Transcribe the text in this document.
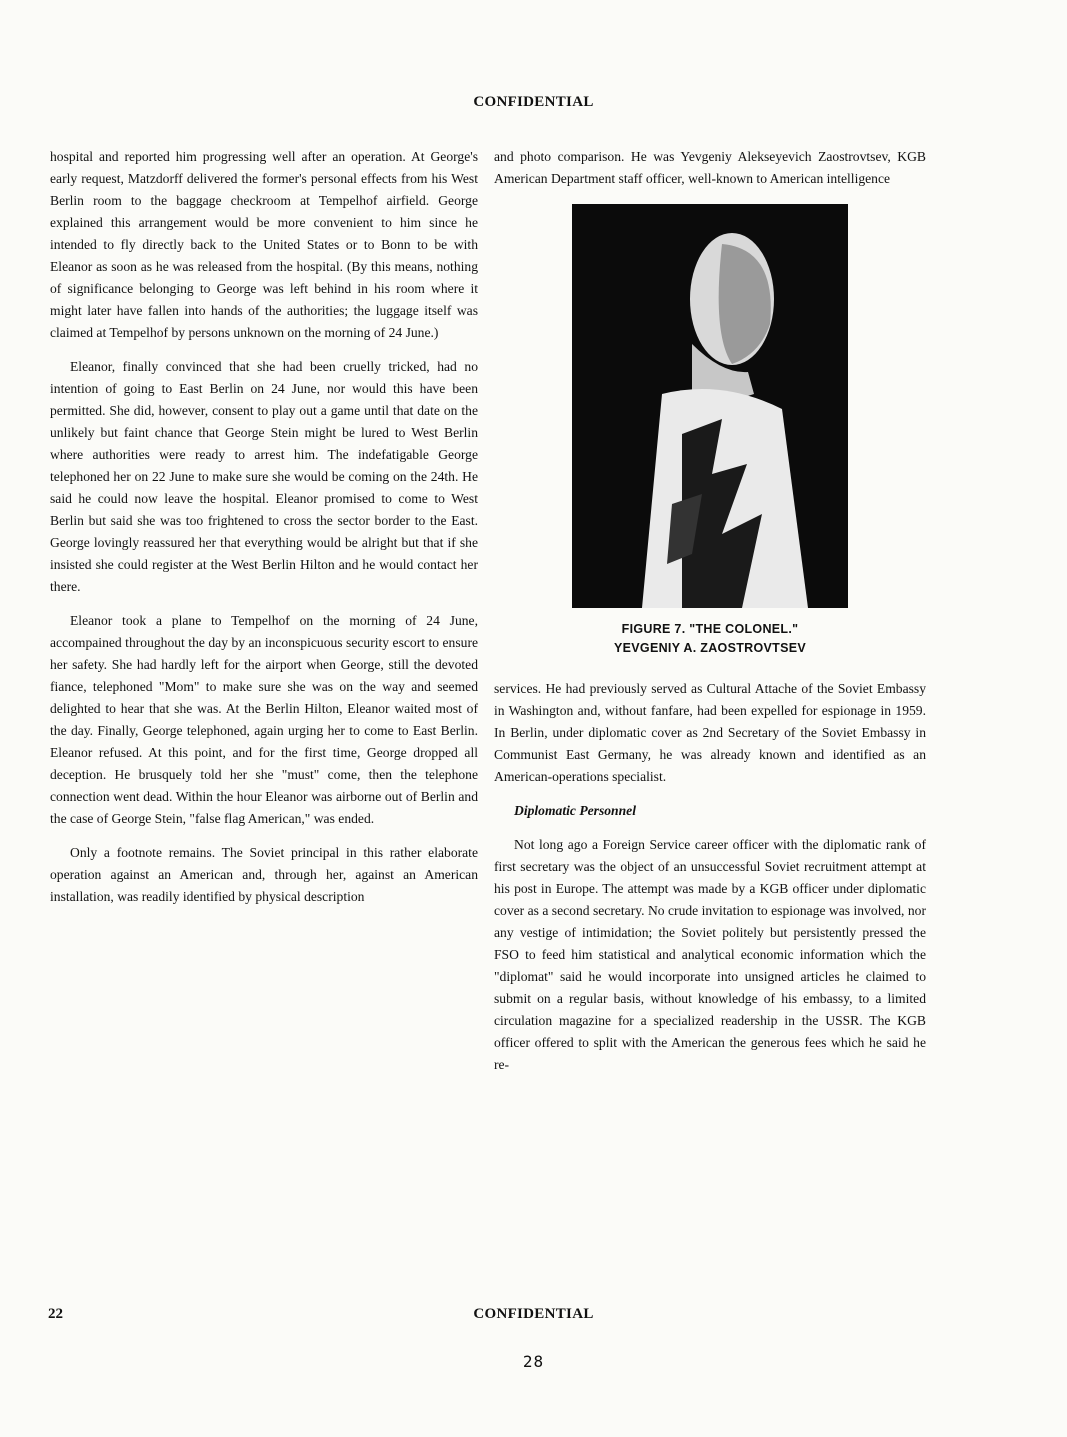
CONFIDENTIAL

hospital and reported him progressing well after an operation. At George's early request, Matzdorff delivered the former's personal effects from his West Berlin room to the baggage checkroom at Tempelhof airfield. George explained this arrangement would be more convenient to him since he intended to fly directly back to the United States or to Bonn to be with Eleanor as soon as he was released from the hospital. (By this means, nothing of significance belonging to George was left behind in his room where it might later have fallen into hands of the authorities; the luggage itself was claimed at Tempelhof by persons unknown on the morning of 24 June.)

Eleanor, finally convinced that she had been cruelly tricked, had no intention of going to East Berlin on 24 June, nor would this have been permitted. She did, however, consent to play out a game until that date on the unlikely but faint chance that George Stein might be lured to West Berlin where authorities were ready to arrest him. The indefatigable George telephoned her on 22 June to make sure she would be coming on the 24th. He said he could now leave the hospital. Eleanor promised to come to West Berlin but said she was too frightened to cross the sector border to the East. George lovingly reassured her that everything would be alright but that if she insisted she could register at the West Berlin Hilton and he would contact her there.

Eleanor took a plane to Tempelhof on the morning of 24 June, accompained throughout the day by an inconspicuous security escort to ensure her safety. She had hardly left for the airport when George, still the devoted fiance, telephoned "Mom" to make sure she was on the way and seemed delighted to hear that she was. At the Berlin Hilton, Eleanor waited most of the day. Finally, George telephoned, again urging her to come to East Berlin. Eleanor refused. At this point, and for the first time, George dropped all deception. He brusquely told her she "must" come, then the telephone connection went dead. Within the hour Eleanor was airborne out of Berlin and the case of George Stein, "false flag American," was ended.

Only a footnote remains. The Soviet principal in this rather elaborate operation against an American and, through her, against an American installation, was readily identified by physical description

and photo comparison. He was Yevgeniy Alekseyevich Zaostrovtsev, KGB American Department staff officer, well-known to American intelligence

FIGURE 7. "THE COLONEL."
YEVGENIY A. ZAOSTROVTSEV

services. He had previously served as Cultural Attache of the Soviet Embassy in Washington and, without fanfare, had been expelled for espionage in 1959. In Berlin, under diplomatic cover as 2nd Secretary of the Soviet Embassy in Communist East Germany, he was already known and identified as an American-operations specialist.

Diplomatic Personnel

Not long ago a Foreign Service career officer with the diplomatic rank of first secretary was the object of an unsuccessful Soviet recruitment attempt at his post in Europe. The attempt was made by a KGB officer under diplomatic cover as a second secretary. No crude invitation to espionage was involved, nor any vestige of intimidation; the Soviet politely but persistently pressed the FSO to feed him statistical and analytical economic information which the "diplomat" said he would incorporate into unsigned articles he claimed to submit on a regular basis, without knowledge of his embassy, to a limited circulation magazine for a specialized readership in the USSR. The KGB officer offered to split with the American the generous fees which he said he re-

22	CONFIDENTIAL
28
